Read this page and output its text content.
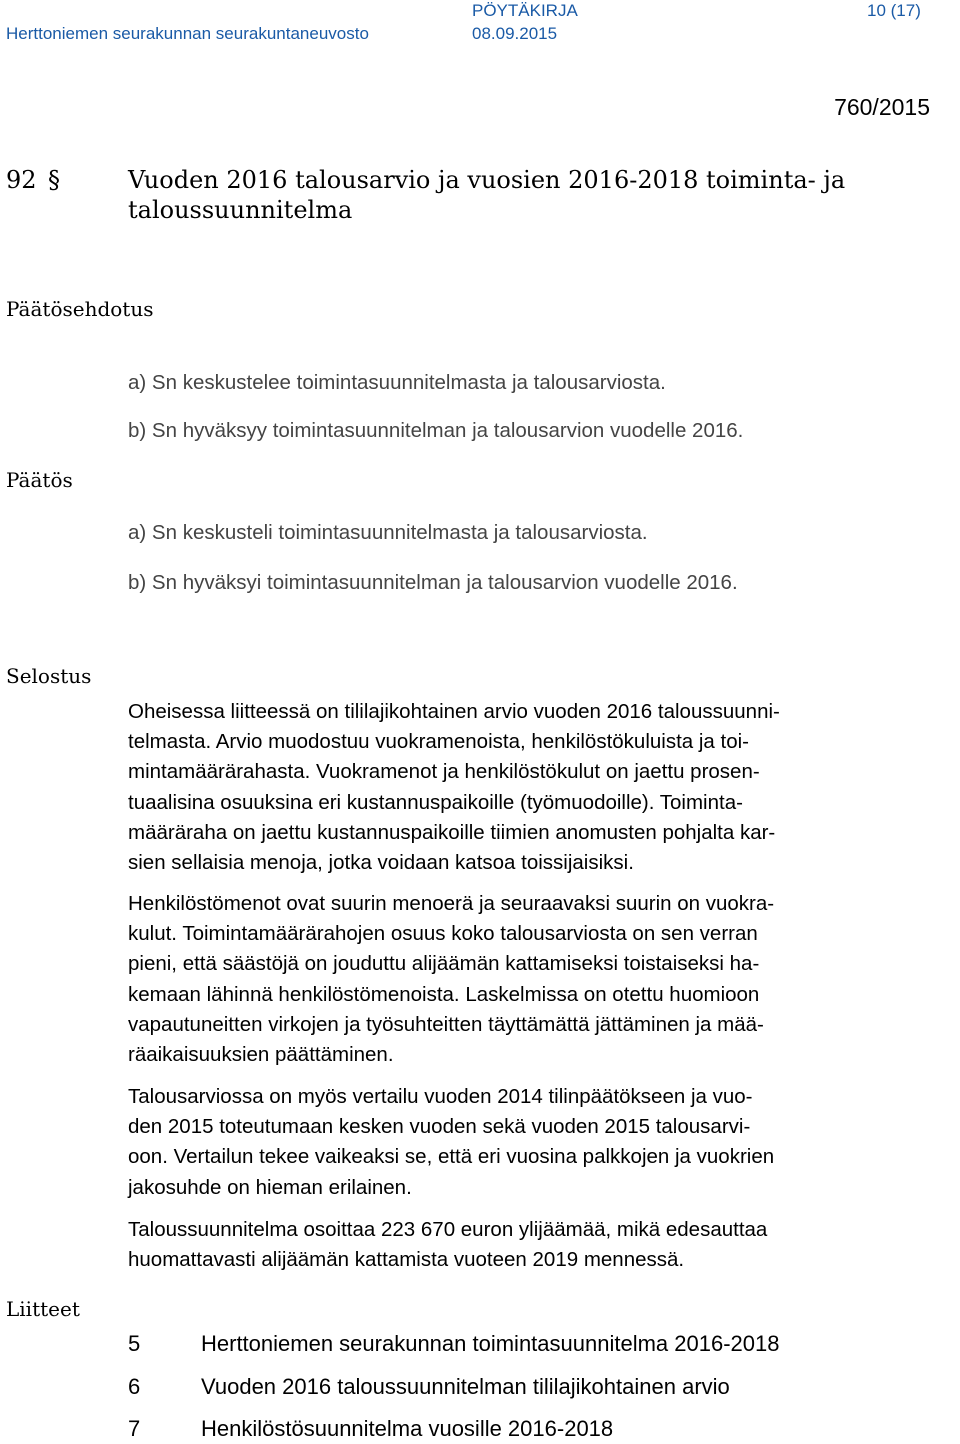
Herttoniemen seurakunnan seurakuntaneuvosto
PÖYTÄKIRJA
08.09.2015
10 (17)
760/2015
92 §	Vuoden 2016 talousarvio ja vuosien 2016-2018 toiminta- ja
taloussuunnitelma
Päätösehdotus
a) Sn keskustelee toimintasuunnitelmasta ja talousarviosta.
b) Sn hyväksyy toimintasuunnitelman ja talousarvion vuodelle 2016.
Päätös
a) Sn keskusteli toimintasuunnitelmasta ja talousarviosta.
b) Sn hyväksyi toimintasuunnitelman ja talousarvion vuodelle 2016.
Selostus
Oheisessa liitteessä on tililajikohtainen arvio vuoden 2016 taloussuunni-
telmasta. Arvio muodostuu vuokramenoista, henkilöstökuluista ja toi-
mintamäärärahasta. Vuokramenot ja henkilöstökulut on jaettu prosen-
tuaalisina osuuksina eri kustannuspaikoille (työmuodoille). Toiminta-
määräraha on jaettu kustannuspaikoille tiimien anomusten pohjalta kar-
sien sellaisia menoja, jotka voidaan katsoa toissijaisiksi.
Henkilöstömenot ovat suurin menoerä ja seuraavaksi suurin on vuokra-
kulut. Toimintamäärärahojen osuus koko talousarviosta on sen verran
pieni, että säästöjä on jouduttu alijäämän kattamiseksi toistaiseksi ha-
kemaan lähinnä henkilöstömenoista. Laskelmissa on otettu huomioon
vapautuneitten virkojen ja työsuhteitten täyttämättä jättäminen ja mää-
räaikaisuuksien päättäminen.
Talousarviossa on myös vertailu vuoden 2014 tilinpäätökseen ja vuo-
den 2015 toteutumaan kesken vuoden sekä vuoden 2015 talousarvi-
oon. Vertailun tekee vaikeaksi se, että eri vuosina palkkojen ja vuokrien
jakosuhde on hieman erilainen.
Taloussuunnitelma osoittaa 223 670 euron ylijäämää, mikä edesauttaa
huomattavasti alijäämän kattamista vuoteen 2019 mennessä.
Liitteet
5	Herttoniemen seurakunnan toimintasuunnitelma 2016-2018
6	Vuoden 2016 taloussuunnitelman tililajikohtainen arvio
7	Henkilöstösuunnitelma vuosille 2016-2018
